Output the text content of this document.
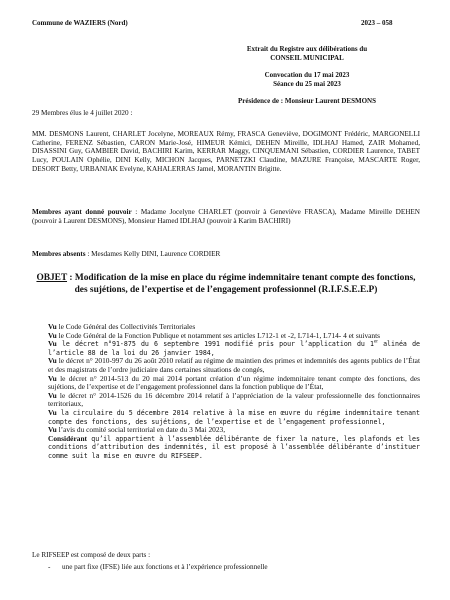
Commune de WAZIERS (Nord)	2023 – 058
Extrait du Registre aux délibérations du
CONSEIL MUNICIPAL
Convocation du 17 mai 2023
Séance du 25 mai 2023
Présidence de : Monsieur Laurent DESMONS
29 Membres élus le 4 juillet 2020 :
MM. DESMONS Laurent, CHARLET Jocelyne, MOREAUX Rémy, FRASCA Geneviève, DOGIMONT Frédéric, MARGONELLI Catherine, FERENZ Sébastien, CARON Marie-José, HIMEUR Kémici, DEHEN Mireille, IDLHAJ Hamed, ZAIR Mohamed, DISASSINI Guy, GAMBIER David, BACHIRI Karim, KERRAR Maggy, CINQUEMANI Sébastien, CORDIER Laurence, TABET Lucy, POULAIN Ophélie, DINI Kelly, MICHON Jacques, PARNETZKI Claudine, MAZURE Françoise, MASCARTE Roger, DESORT Betty, URBANIAK Evelyne, KAHALERRAS Jamel, MORANTIN Brigitte.
Membres ayant donné pouvoir : Madame Jocelyne CHARLET (pouvoir à Geneviève FRASCA), Madame Mireille DEHEN (pouvoir à Laurent DESMONS), Monsieur Hamed IDLHAJ (pouvoir à Karim BACHIRI)
Membres absents : Mesdames Kelly DINI, Laurence CORDIER
OBJET : Modification de la mise en place du régime indemnitaire tenant compte des fonctions, des sujétions, de l’expertise et de l’engagement professionnel (R.I.F.S.E.E.P)
Vu le Code Général des Collectivités Territoriales
Vu le Code Général de la Fonction Publique et notamment ses articles L712-1 et -2, L714-1, L714- 4 et suivants
Vu le décret n°91-875 du 6 septembre 1991 modifié pris pour l’application du 1er alinéa de l’article 88 de la loi du 26 janvier 1984,
Vu le décret n° 2010-997 du 26 août 2010 relatif au régime de maintien des primes et indemnités des agents publics de l’État et des magistrats de l’ordre judiciaire dans certaines situations de congés,
Vu le décret n° 2014-513 du 20 mai 2014 portant création d’un régime indemnitaire tenant compte des fonctions, des sujétions, de l’expertise et de l’engagement professionnel dans la fonction publique de l’État,
Vu le décret n° 2014-1526 du 16 décembre 2014 relatif à l’appréciation de la valeur professionnelle des fonctionnaires territoriaux,
Vu la circulaire du 5 décembre 2014 relative à la mise en œuvre du régime indemnitaire tenant compte des fonctions, des sujétions, de l’expertise et de l’engagement professionnel,
Vu l’avis du comité social territorial en date du 3 Mai 2023,
Considérant qu’il appartient à l’assemblée délibérante de fixer la nature, les plafonds et les conditions d’attribution des indemnités, il est proposé à l’assemblée délibérante d’instituer comme suit la mise en œuvre du RIFSEEP.
Le RIFSEEP est composé de deux parts :
-	une part fixe (IFSE) liée aux fonctions et à l’expérience professionnelle
